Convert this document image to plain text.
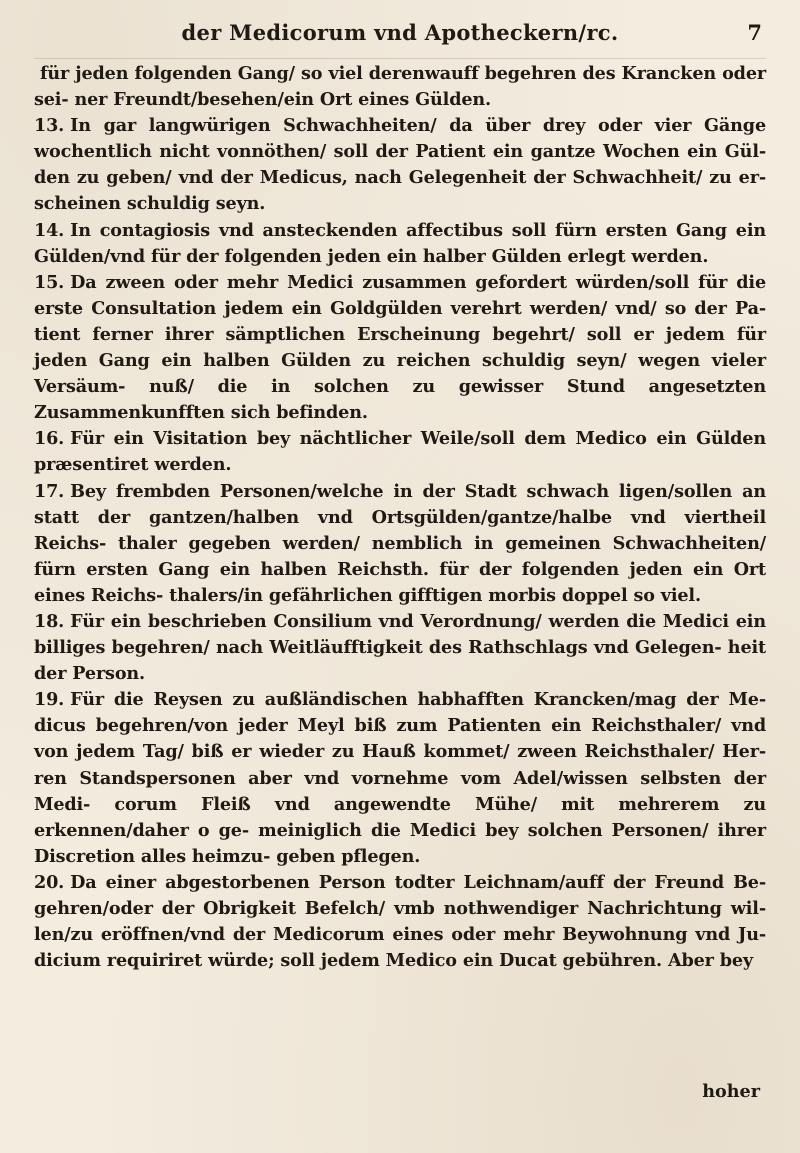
der Medicorum vnd Apotheckern/rc.	7

für jeden folgenden Gang/ so viel derenwauff begehren des Krancken oder sei- ner Freundt/besehen/ein Ort eines Gülden.

13. In gar langwürigen Schwachheiten/ da über drey oder vier Gänge wochentlich nicht vonnöthen/ soll der Patient ein gantze Wochen ein Gül- den zu geben/ vnd der Medicus, nach Gelegenheit der Schwachheit/ zu er- scheinen schuldig seyn.

14. In contagiosis vnd ansteckenden affectibus soll fürn ersten Gang ein Gülden/vnd für der folgenden jeden ein halber Gülden erlegt werden.

15. Da zween oder mehr Medici zusammen gefordert würden/soll für die erste Consultation jedem ein Goldgülden verehrt werden/ vnd/ so der Pa- tient ferner ihrer sämptlichen Erscheinung begehrt/ soll er jedem für jeden Gang ein halben Gülden zu reichen schuldig seyn/ wegen vieler Versäum- nuß/ die in solchen zu gewisser Stund angesetzten Zusammenkunfften sich befinden.

16. Für ein Visitation bey nächtlicher Weile/soll dem Medico ein Gülden præsentiret werden.

17. Bey frembden Personen/welche in der Stadt schwach ligen/sollen an statt der gantzen/halben vnd Ortsgülden/gantze/halbe vnd viertheil Reichs- thaler gegeben werden/ nemblich in gemeinen Schwachheiten/ fürn ersten Gang ein halben Reichsth. für der folgenden jeden ein Ort eines Reichs- thalers/in gefährlichen gifftigen morbis doppel so viel.

18. Für ein beschrieben Consilium vnd Verordnung/ werden die Medici ein billiges begehren/ nach Weitläufftigkeit des Rathschlags vnd Gelegen- heit der Person.

19. Für die Reysen zu außländischen habhafften Krancken/mag der Me- dicus begehren/von jeder Meyl biß zum Patienten ein Reichsthaler/ vnd von jedem Tag/ biß er wieder zu Hauß kommet/ zween Reichsthaler/ Her- ren Standspersonen aber vnd vornehme vom Adel/wissen selbsten der Medi- corum Fleiß vnd angewendte Mühe/ mit mehrerem zu erkennen/daher o ge- meiniglich die Medici bey solchen Personen/ ihrer Discretion alles heimzu- geben pflegen.

20. Da einer abgestorbenen Person todter Leichnam/auff der Freund Be- gehren/oder der Obrigkeit Befelch/ vmb nothwendiger Nachrichtung wil- len/zu eröffnen/vnd der Medicorum eines oder mehr Beywohnung vnd Ju- dicium requiriret würde; soll jedem Medico ein Ducat gebühren. Aber bey

hoher
